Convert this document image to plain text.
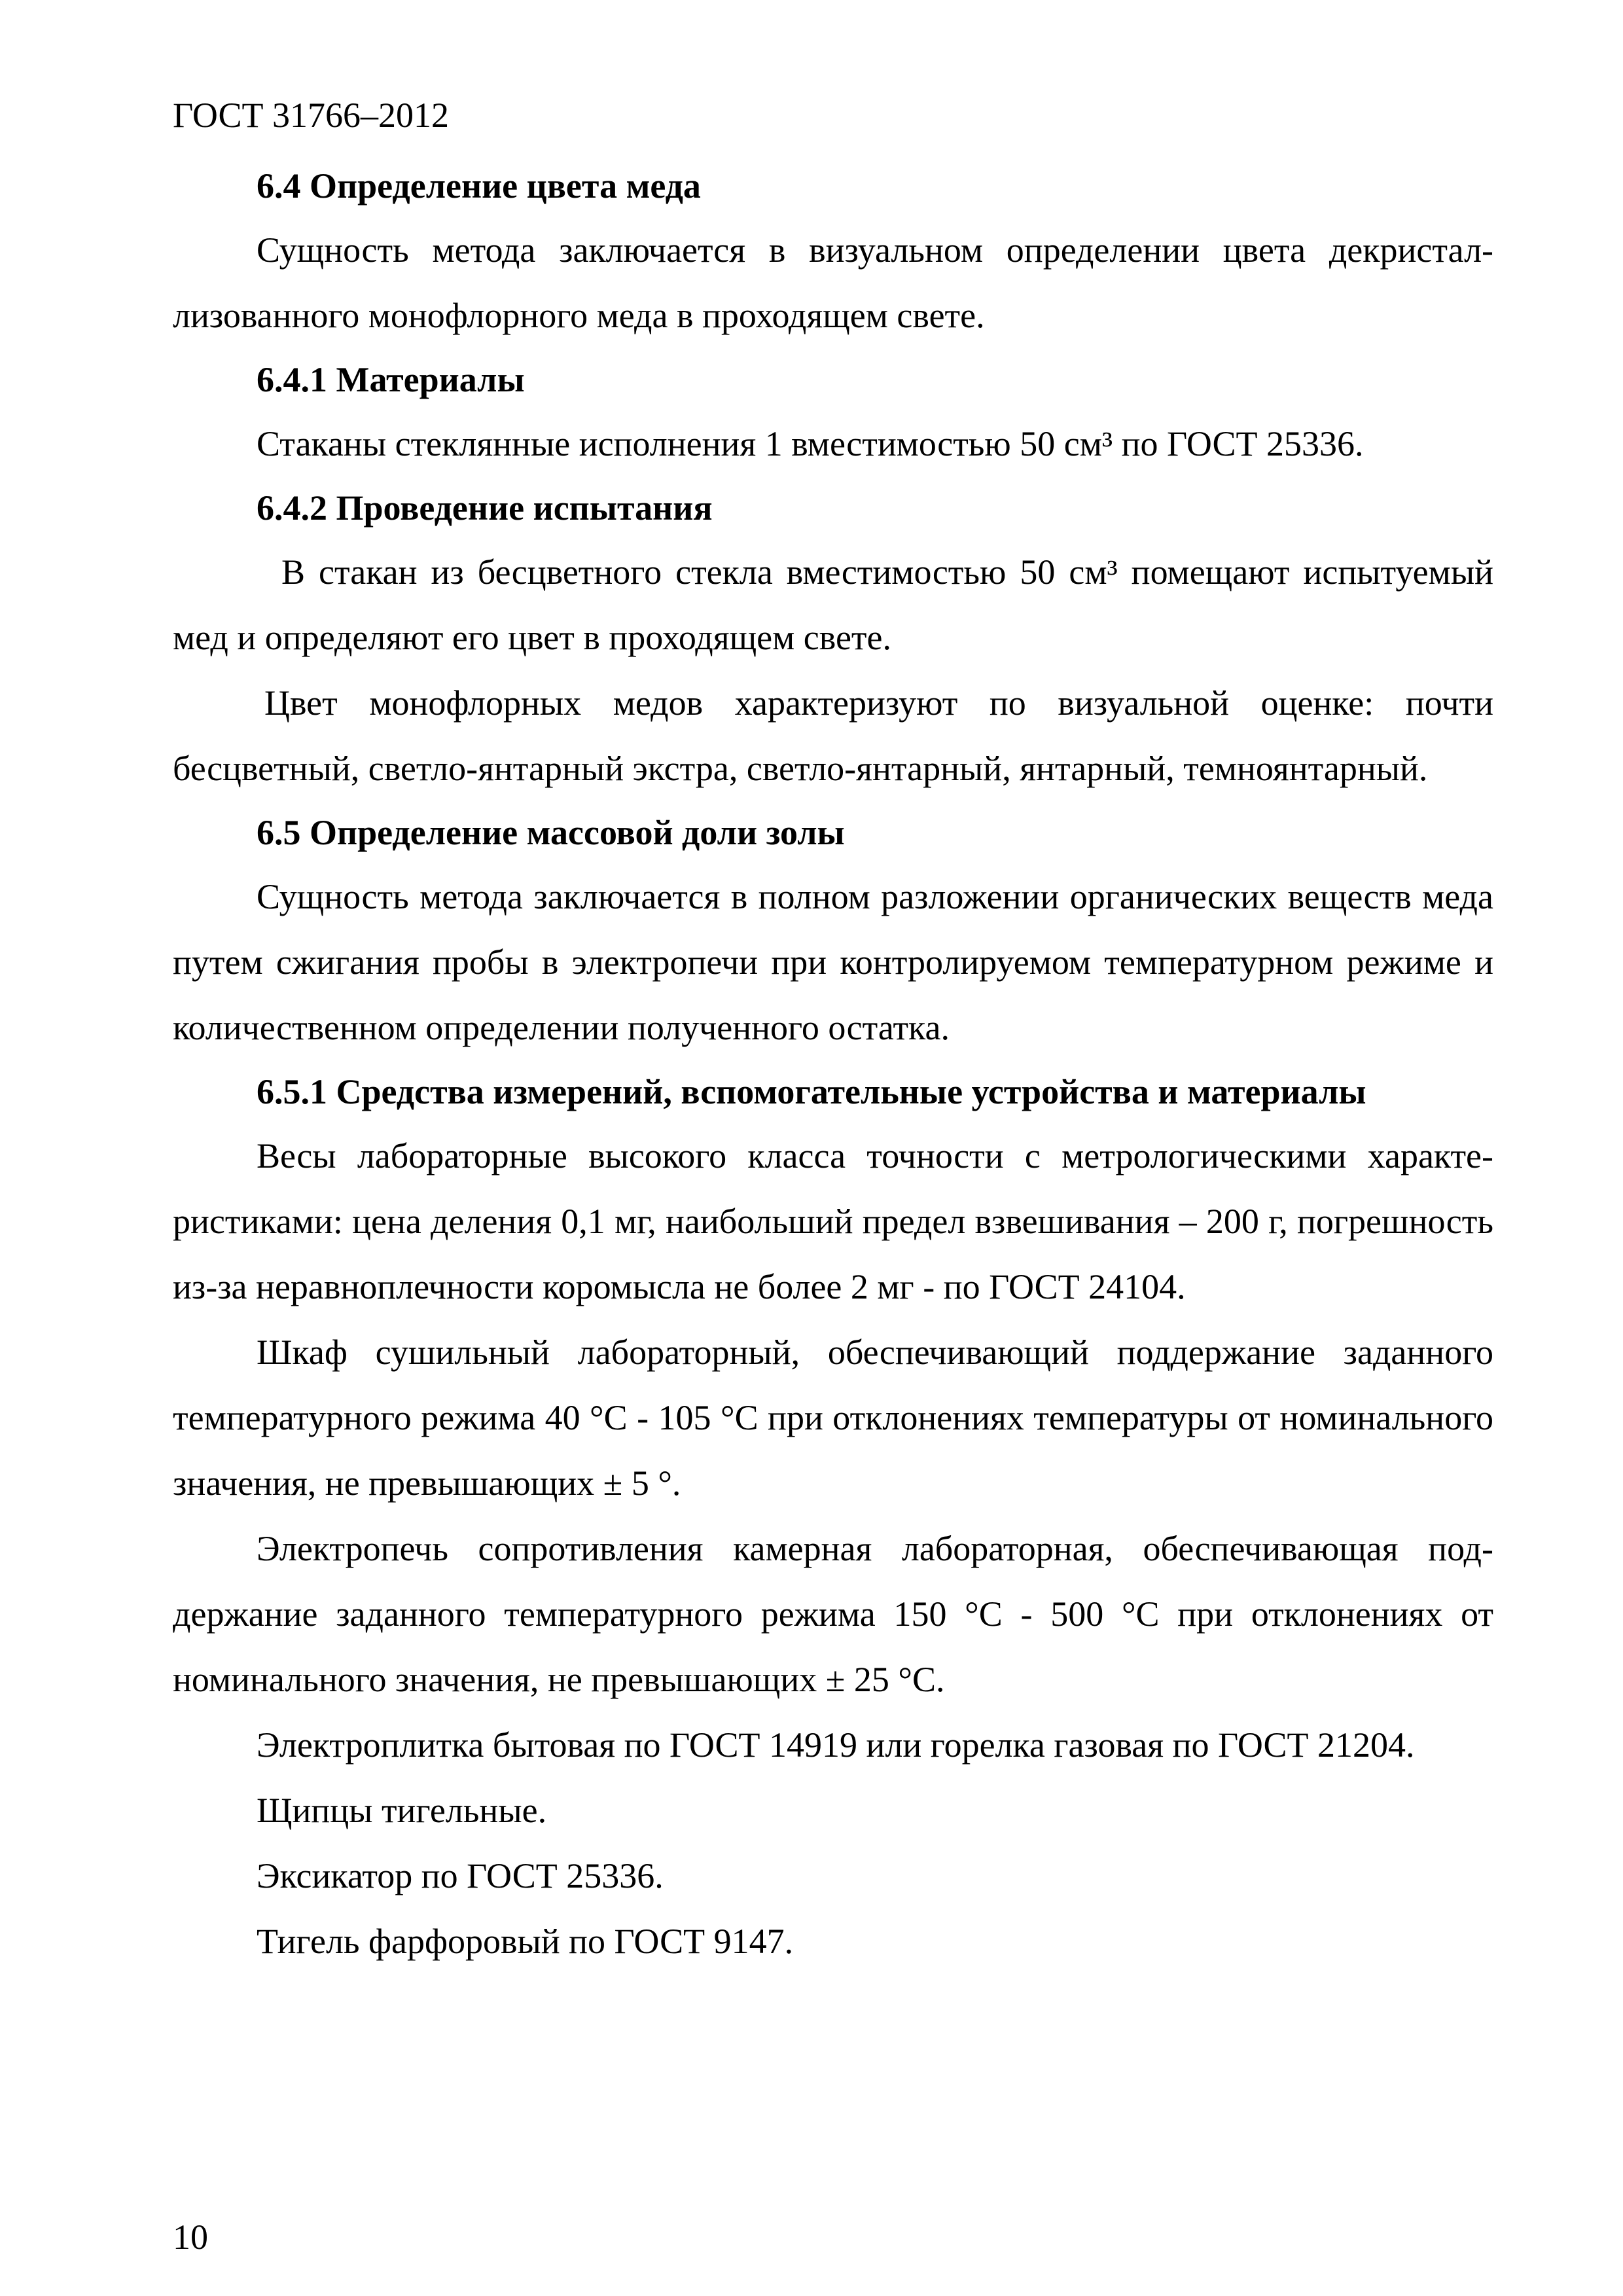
ГОСТ 31766–2012

6.4 Определение цвета меда

Сущность метода заключается в визуальном определении цвета декристаллизованного монофлорного меда в проходящем свете.

6.4.1 Материалы

Стаканы стеклянные исполнения 1 вместимостью 50 см³ по ГОСТ 25336.

6.4.2 Проведение испытания

В стакан из бесцветного стекла вместимостью 50 см³ помещают испытуемый мед и определяют его цвет в проходящем свете.

Цвет монофлорных медов характеризуют по визуальной оценке: почти бесцветный, светло-янтарный экстра, светло-янтарный, янтарный, темноянтарный.

6.5 Определение массовой доли золы

Сущность метода заключается в полном разложении органических веществ меда путем сжигания пробы в электропечи при контролируемом температурном режиме и количественном определении полученного остатка.

6.5.1 Средства измерений, вспомогательные устройства и материалы

Весы лабораторные высокого класса точности с метрологическими характеристиками: цена деления 0,1 мг, наибольший предел взвешивания – 200 г, погрешность из-за неравноплечности коромысла не более 2 мг - по ГОСТ 24104.

Шкаф сушильный лабораторный, обеспечивающий поддержание заданного температурного режима 40 °С - 105 °С при отклонениях температуры от номинального значения, не превышающих ± 5 °.

Электропечь сопротивления камерная лабораторная, обеспечивающая поддержание заданного температурного режима 150 °С - 500 °С при отклонениях от номинального значения, не превышающих ± 25 °С.

Электроплитка бытовая по ГОСТ 14919 или горелка газовая по ГОСТ 21204.

Щипцы тигельные.

Эксикатор по ГОСТ 25336.

Тигель фарфоровый по ГОСТ 9147.

10
